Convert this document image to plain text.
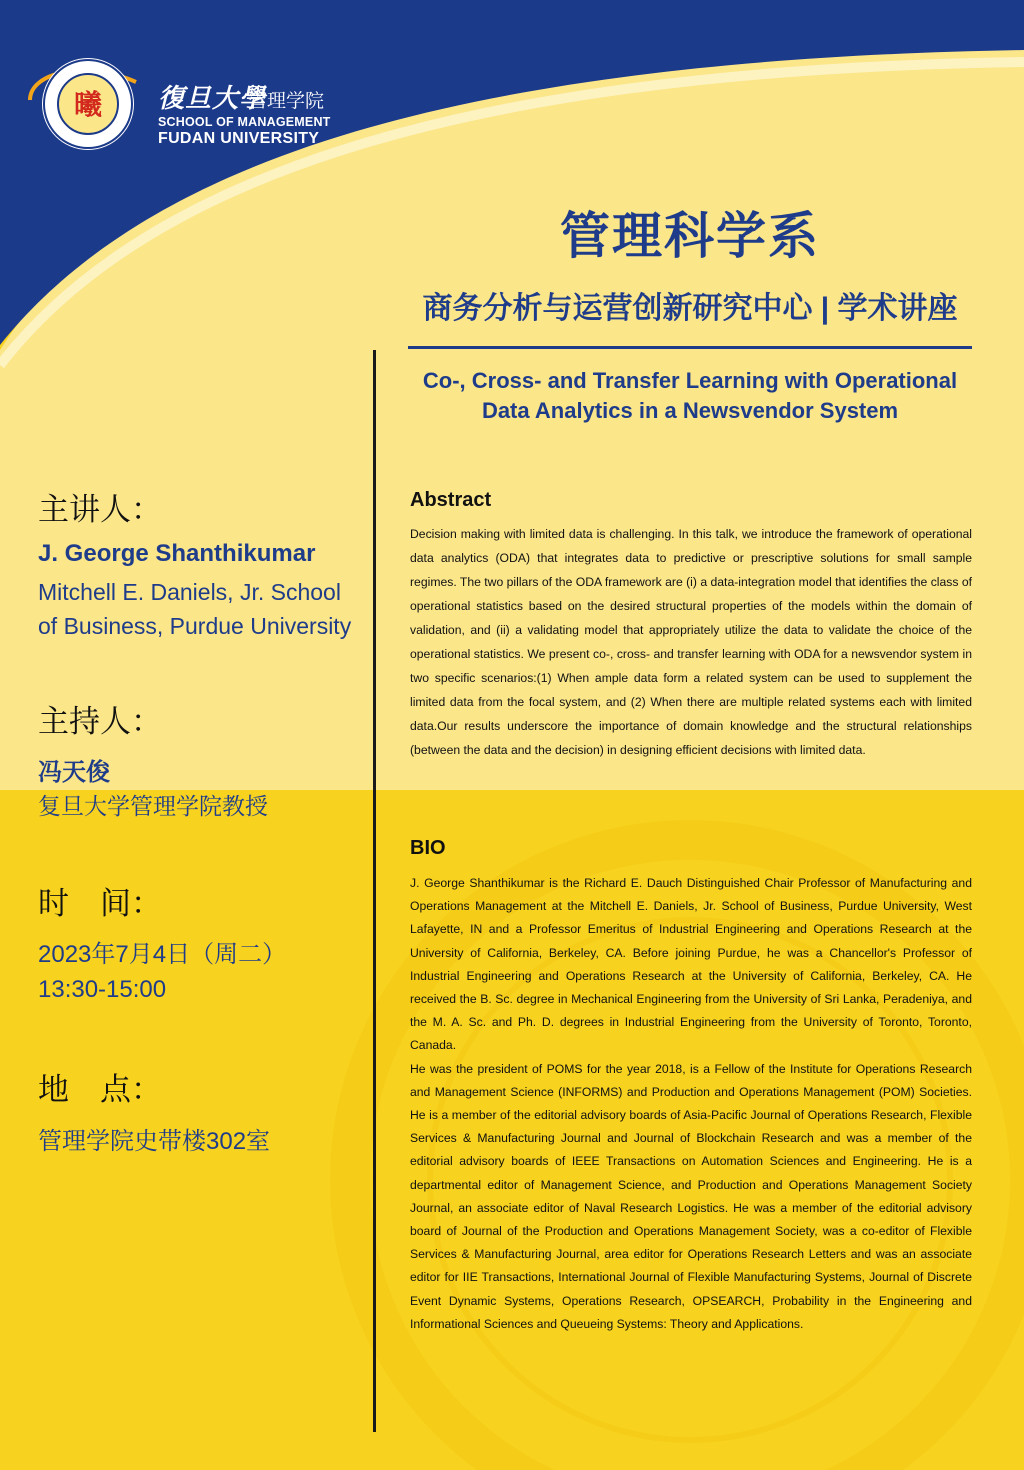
曦 復旦大學
管理学院
SCHOOL OF MANAGEMENT
FUDAN UNIVERSITY
管理科学系
商务分析与运营创新研究中心 | 学术讲座
Co-, Cross- and Transfer Learning with Operational
Data Analytics in a Newsvendor System
主讲人：
J. George Shanthikumar
Mitchell E. Daniels, Jr. School
of Business, Purdue University
主持人：
冯天俊
复旦大学管理学院教授
时　间：
2023年7月4日（周二）
13:30-15:00
地　点：
管理学院史带楼302室
Abstract
Decision making with limited data is challenging. In this talk, we introduce the framework of operational data analytics (ODA) that integrates data to predictive or prescriptive solutions for small sample regimes. The two pillars of the ODA framework are (i) a data-integration model that identifies the class of operational statistics based on the desired structural properties of the models within the domain of validation, and (ii) a validating model that appropriately utilize the data to validate the choice of the operational statistics. We present co-, cross- and transfer learning with ODA for a newsvendor system in two specific scenarios:(1) When ample data form a related system can be used to supplement the limited data from the focal system, and (2) When there are multiple related systems each with limited data.Our results underscore the importance of domain knowledge and the structural relationships (between the data and the decision) in designing efficient decisions with limited data.
BIO

J. George Shanthikumar is the Richard E. Dauch Distinguished Chair Professor of Manufacturing and Operations Management at the Mitchell E. Daniels, Jr. School of Business, Purdue University, West Lafayette, IN and a Professor Emeritus of Industrial Engineering and Operations Research at the University of California, Berkeley, CA. Before joining Purdue, he was a Chancellor's Professor of Industrial Engineering and Operations Research at the University of California, Berkeley, CA. He received the B. Sc. degree in Mechanical Engineering from the University of Sri Lanka, Peradeniya, and the M. A. Sc. and Ph. D. degrees in Industrial Engineering from the University of Toronto, Toronto, Canada.

He was the president of POMS for the year 2018, is a Fellow of the Institute for Operations Research and Management Science (INFORMS) and Production and Operations Management (POM) Societies. He is a member of the editorial advisory boards of Asia-Pacific Journal of Operations Research, Flexible Services & Manufacturing Journal and Journal of Blockchain Research and was a member of the editorial advisory boards of IEEE Transactions on Automation Sciences and Engineering. He is a departmental editor of Management Science, and Production and Operations Management Society Journal, an associate editor of Naval Research Logistics. He was a member of the editorial advisory board of Journal of the Production and Operations Management Society, was a co-editor of Flexible Services & Manufacturing Journal, area editor for Operations Research Letters and was an associate editor for IIE Transactions, International Journal of Flexible Manufacturing Systems, Journal of Discrete Event Dynamic Systems, Operations Research, OPSEARCH, Probability in the Engineering and Informational Sciences and Queueing Systems: Theory and Applications.
